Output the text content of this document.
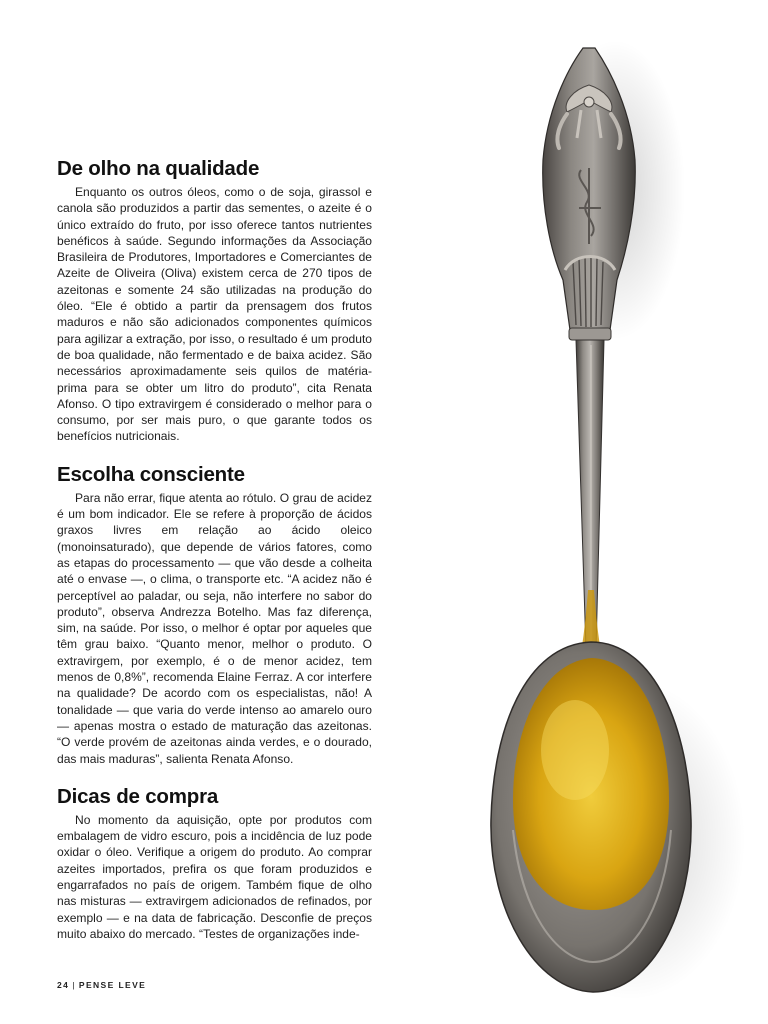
De olho na qualidade

Enquanto os outros óleos, como o de soja, girassol e canola são produzidos a partir das sementes, o azeite é o único extraído do fruto, por isso oferece tantos nutrientes benéficos à saúde. Segundo informações da Associação Brasileira de Produtores, Importadores e Comerciantes de Azeite de Oliveira (Oliva) existem cerca de 270 tipos de azeitonas e somente 24 são utilizadas na produção do óleo. “Ele é obtido a partir da prensagem dos frutos maduros e não são adicionados componentes químicos para agilizar a extração, por isso, o resultado é um produto de boa qualidade, não fermentado e de baixa acidez. São necessários aproximadamente seis quilos de matéria-prima para se obter um litro do produto”, cita Renata Afonso. O tipo extravirgem é considerado o melhor para o consumo, por ser mais puro, o que garante todos os benefícios nutricionais.

Escolha consciente

Para não errar, fique atenta ao rótulo. O grau de acidez é um bom indicador. Ele se refere à proporção de ácidos graxos livres em relação ao ácido oleico (monoinsaturado), que depende de vários fatores, como as etapas do processamento — que vão desde a colheita até o envase —, o clima, o transporte etc. “A acidez não é perceptível ao paladar, ou seja, não interfere no sabor do produto”, observa Andrezza Botelho. Mas faz diferença, sim, na saúde. Por isso, o melhor é optar por aqueles que têm grau baixo. “Quanto menor, melhor o produto. O extravirgem, por exemplo, é o de menor acidez, tem menos de 0,8%”, recomenda Elaine Ferraz. A cor interfere na qualidade? De acordo com os especialistas, não! A tonalidade — que varia do verde intenso ao amarelo ouro — apenas mostra o estado de maturação das azeitonas. “O verde provém de azeitonas ainda verdes, e o dourado, das mais maduras”, salienta Renata Afonso.

Dicas de compra

No momento da aquisição, opte por produtos com embalagem de vidro escuro, pois a incidência de luz pode oxidar o óleo. Verifique a origem do produto. Ao comprar azeites importados, prefira os que foram produzidos e engarrafados no país de origem. Também fique de olho nas misturas — extravirgem adicionados de refinados, por exemplo — e na data de fabricação. Desconfie de preços muito abaixo do mercado. “Testes de organizações inde-

24 | PENSE LEVE
